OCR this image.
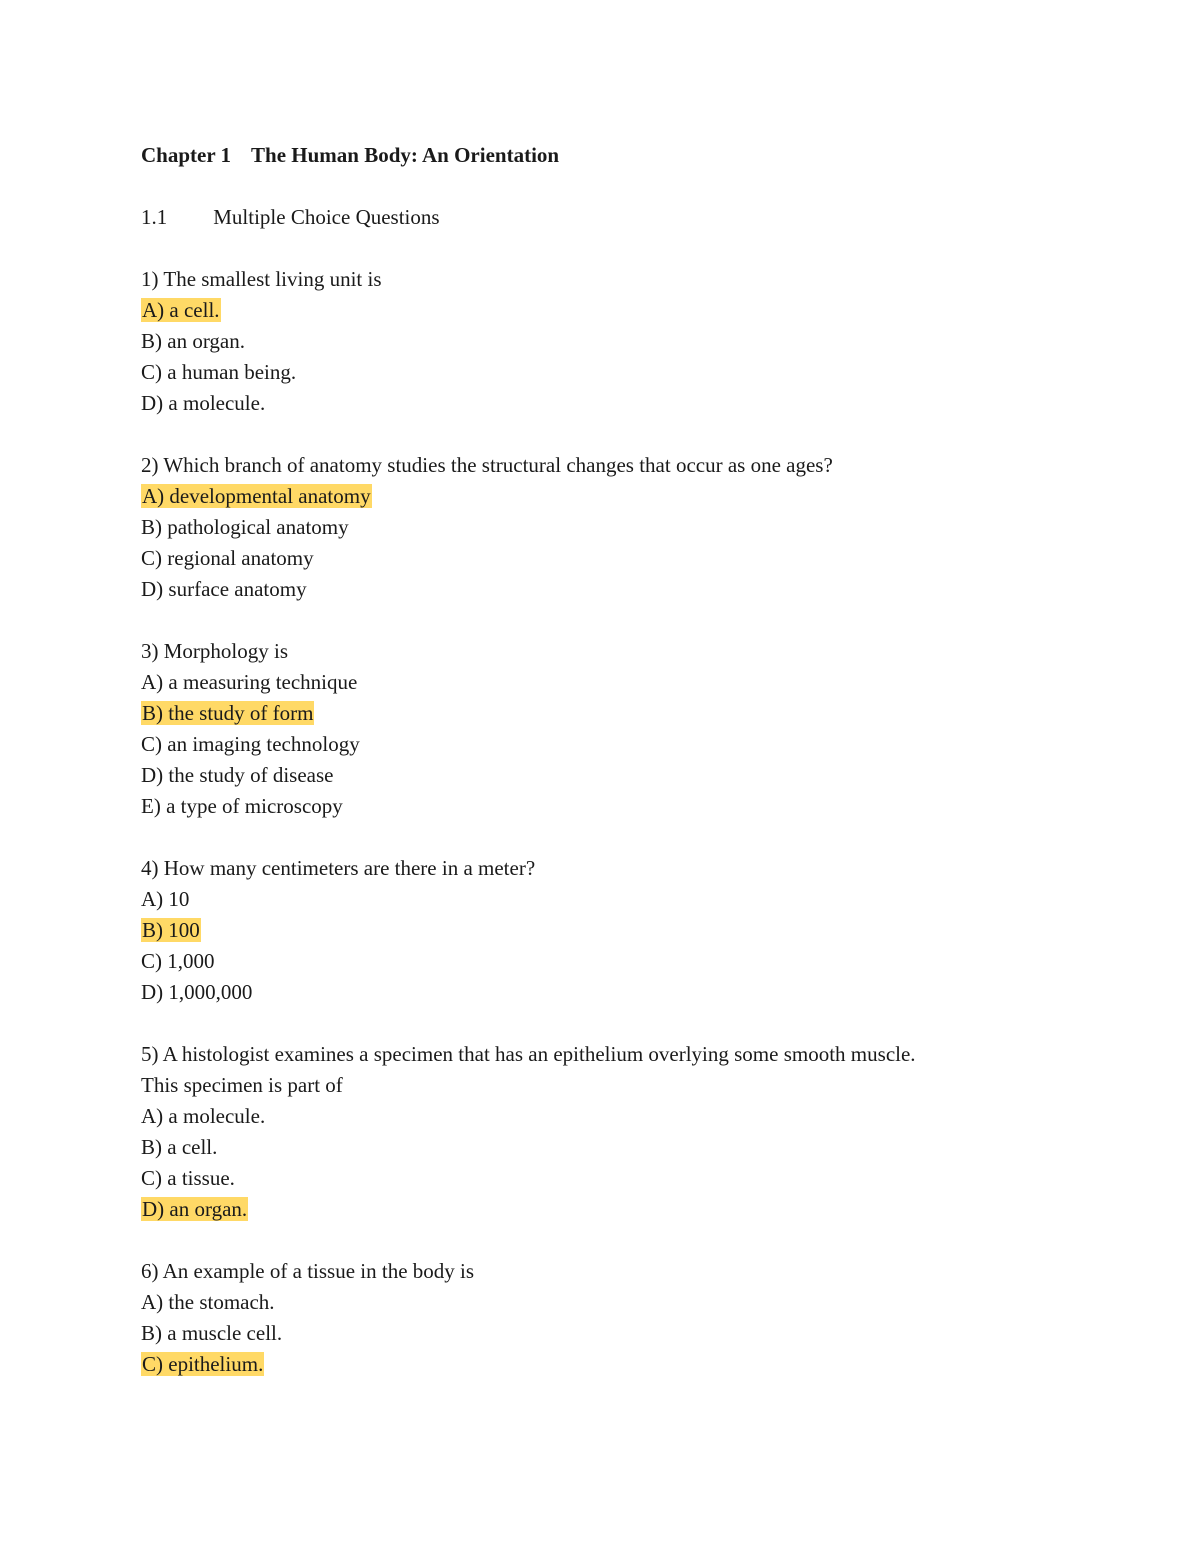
Chapter 1 The Human Body: An Orientation
1.1 Multiple Choice Questions
1) The smallest living unit is
A) a cell.
B) an organ.
C) a human being.
D) a molecule.
2) Which branch of anatomy studies the structural changes that occur as one ages?
A) developmental anatomy
B) pathological anatomy
C) regional anatomy
D) surface anatomy
3) Morphology is
A) a measuring technique
B) the study of form
C) an imaging technology
D) the study of disease
E) a type of microscopy
4) How many centimeters are there in a meter?
A) 10
B) 100
C) 1,000
D) 1,000,000
5) A histologist examines a specimen that has an epithelium overlying some smooth muscle.
This specimen is part of
A) a molecule.
B) a cell.
C) a tissue.
D) an organ.
6) An example of a tissue in the body is
A) the stomach.
B) a muscle cell.
C) epithelium.
